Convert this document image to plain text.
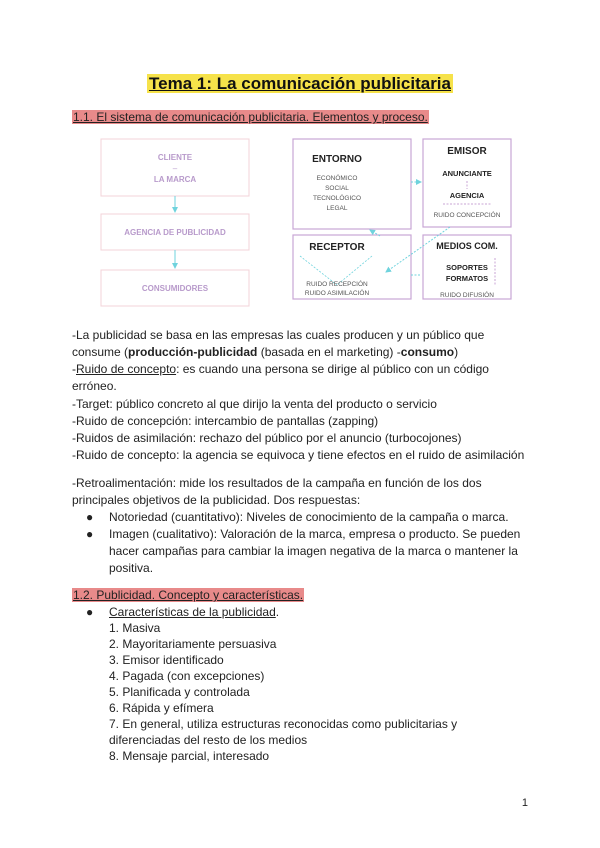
Tema 1: La comunicación publicitaria
1.1. El sistema de comunicación publicitaria. Elementos y proceso.
CLIENTE
–
LA MARCA
AGENCIA DE PUBLICIDAD
CONSUMIDORES
ENTORNO
ECONÓMICO
SOCIAL
TECNOLÓGICO
LEGAL
EMISOR
ANUNCIANTE
AGENCIA
RUIDO CONCEPCIÓN
RECEPTOR
RUIDO RECEPCIÓN
RUIDO ASIMILACIÓN
MEDIOS COM.
SOPORTES
FORMATOS
RUIDO DIFUSIÓN

-La publicidad se basa en las empresas las cuales producen y un público que consume (producción-publicidad (basada en el marketing) -consumo)

-Ruido de concepto: es cuando una persona se dirige al público con un código erróneo.

-Target: público concreto al que dirijo la venta del producto o servicio

-Ruido de concepción: intercambio de pantallas (zapping)

-Ruidos de asimilación: rechazo del público por el anuncio (turbocojones)

-Ruido de concepto: la agencia se equivoca y tiene efectos en el ruido de asimilación

-Retroalimentación: mide los resultados de la campaña en función de los dos principales objetivos de la publicidad. Dos respuestas:

●	Notoriedad (cuantitativo): Niveles de conocimiento de la campaña o marca.
●	Imagen (cualitativo): Valoración de la marca, empresa o producto. Se pueden hacer campañas para cambiar la imagen negativa de la marca o mantener la positiva.
1.2. Publicidad. Concepto y características.
●	Características de la publicidad.
1. Masiva
2. Mayoritariamente persuasiva
3. Emisor identificado
4. Pagada (con excepciones)
5. Planificada y controlada
6. Rápida y efímera
7. En general, utiliza estructuras reconocidas como publicitarias y diferenciadas del resto de los medios
8. Mensaje parcial, interesado
1
